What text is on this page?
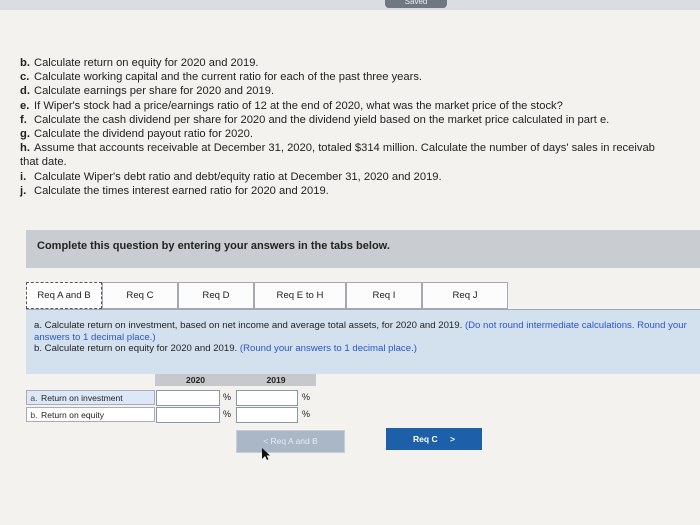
Saved
b. Calculate return on equity for 2020 and 2019.
c. Calculate working capital and the current ratio for each of the past three years.
d. Calculate earnings per share for 2020 and 2019.
e. If Wiper's stock had a price/earnings ratio of 12 at the end of 2020, what was the market price of the stock?
f. Calculate the cash dividend per share for 2020 and the dividend yield based on the market price calculated in part e.
g. Calculate the dividend payout ratio for 2020.
h. Assume that accounts receivable at December 31, 2020, totaled $314 million. Calculate the number of days' sales in receivab
that date.
i. Calculate Wiper's debt ratio and debt/equity ratio at December 31, 2020 and 2019.
j. Calculate the times interest earned ratio for 2020 and 2019.
Complete this question by entering your answers in the tabs below.
Req A and B	Req C	Req D	Req E to H	Req I	Req J
a. Calculate return on investment, based on net income and average total assets, for 2020 and 2019. (Do not round intermediate calculations. Round your answers to 1 decimal place.)
b. Calculate return on equity for 2020 and 2019. (Round your answers to 1 decimal place.)
2020	2019
a. Return on investment	%	%
b. Return on equity	%	%
< Req A and B	Req C >
